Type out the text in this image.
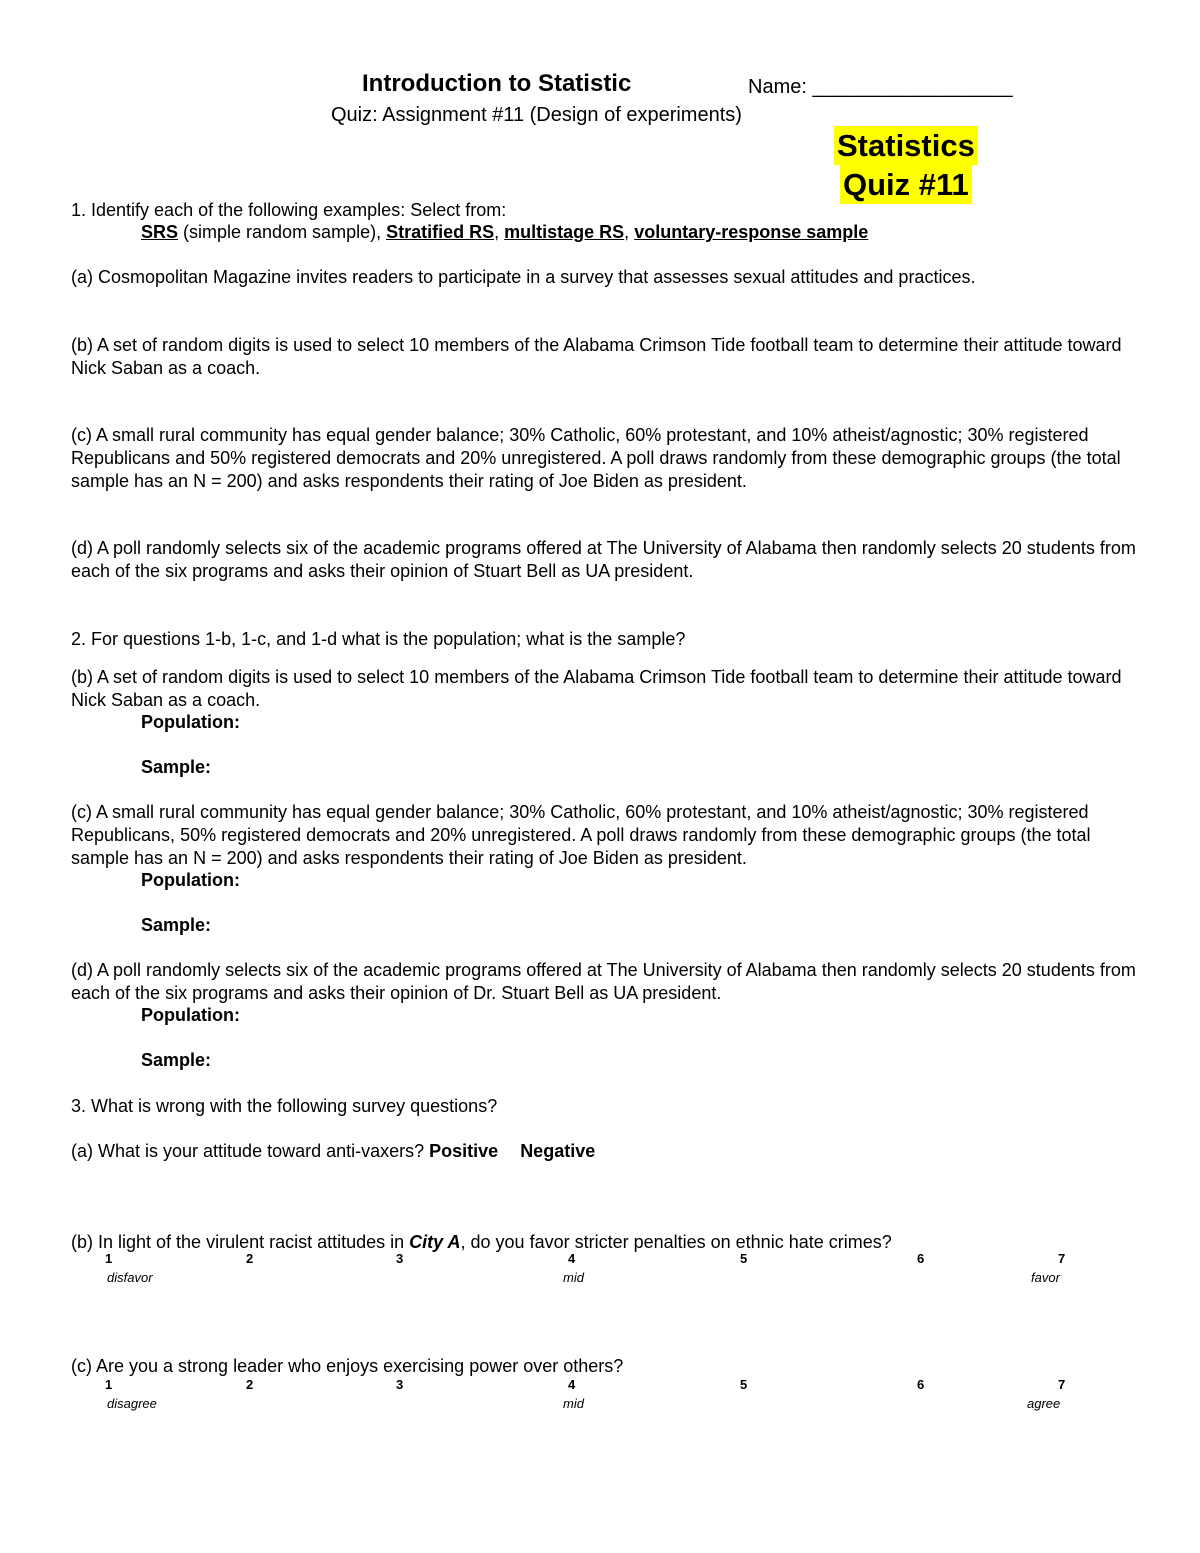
Introduction to Statistic	Name: __________________
Quiz: Assignment #11 (Design of experiments)
Statistics
Quiz #11
1. Identify each of the following examples: Select from:
SRS (simple random sample), Stratified RS, multistage RS, voluntary-response sample
(a) Cosmopolitan Magazine invites readers to participate in a survey that assesses sexual attitudes and practices.
(b) A set of random digits is used to select 10 members of the Alabama Crimson Tide football team to determine their attitude toward Nick Saban as a coach.
(c) A small rural community has equal gender balance; 30% Catholic, 60% protestant, and 10% atheist/agnostic; 30% registered Republicans and 50% registered democrats and 20% unregistered. A poll draws randomly from these demographic groups (the total sample has an N = 200) and asks respondents their rating of Joe Biden as president.
(d) A poll randomly selects six of the academic programs offered at The University of Alabama then randomly selects 20 students from each of the six programs and asks their opinion of Stuart Bell as UA president.
2. For questions 1-b, 1-c, and 1-d what is the population; what is the sample?
(b) A set of random digits is used to select 10 members of the Alabama Crimson Tide football team to determine their attitude toward Nick Saban as a coach.
Population:
Sample:
(c) A small rural community has equal gender balance; 30% Catholic, 60% protestant, and 10% atheist/agnostic; 30% registered Republicans, 50% registered democrats and 20% unregistered. A poll draws randomly from these demographic groups (the total sample has an N = 200) and asks respondents their rating of Joe Biden as president.
Population:
Sample:
(d) A poll randomly selects six of the academic programs offered at The University of Alabama then randomly selects 20 students from each of the six programs and asks their opinion of Dr. Stuart Bell as UA president.
Population:
Sample:
3. What is wrong with the following survey questions?
(a) What is your attitude toward anti-vaxers? Positive Negative
(b) In light of the virulent racist attitudes in City A, do you favor stricter penalties on ethnic hate crimes?
1	2	3	4	5	6	7
disfavor	mid	favor
(c) Are you a strong leader who enjoys exercising power over others?
1	2	3	4	5	6	7
disagree	mid	agree
